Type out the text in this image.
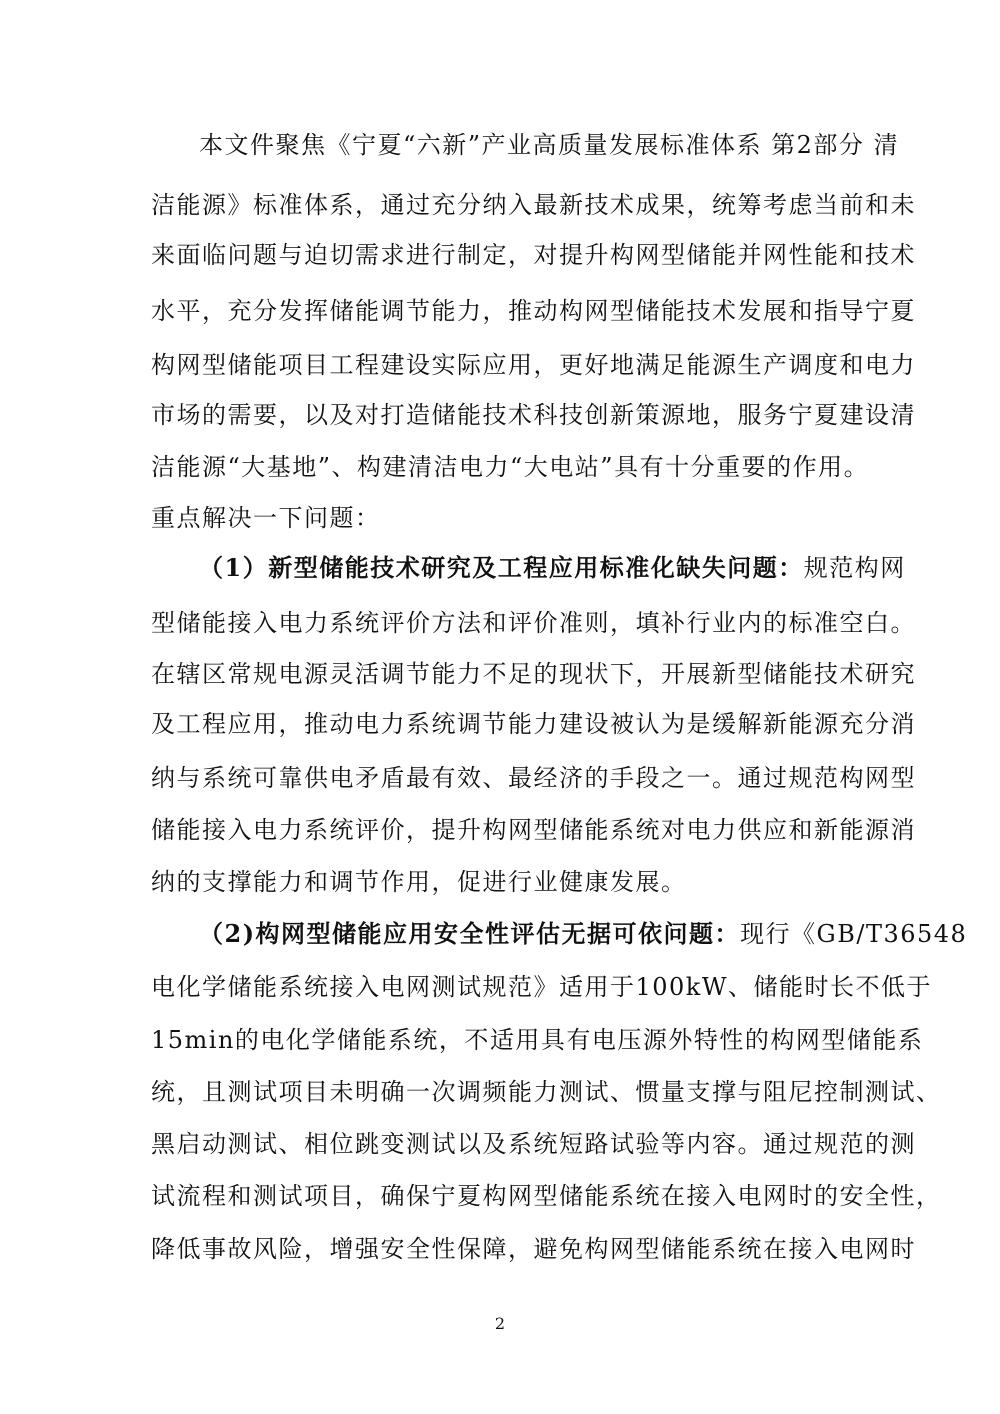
本文件聚焦《宁夏“六新”产业高质量发展标准体系 第2部分 清
洁能源》标准体系，通过充分纳入最新技术成果，统筹考虑当前和未
来面临问题与迫切需求进行制定，对提升构网型储能并网性能和技术
水平，充分发挥储能调节能力，推动构网型储能技术发展和指导宁夏
构网型储能项目工程建设实际应用，更好地满足能源生产调度和电力
市场的需要，以及对打造储能技术科技创新策源地，服务宁夏建设清
洁能源“大基地”、构建清洁电力“大电站”具有十分重要的作用。
重点解决一下问题：
（1）新型储能技术研究及工程应用标准化缺失问题：规范构网
型储能接入电力系统评价方法和评价准则，填补行业内的标准空白。
在辖区常规电源灵活调节能力不足的现状下，开展新型储能技术研究
及工程应用，推动电力系统调节能力建设被认为是缓解新能源充分消
纳与系统可靠供电矛盾最有效、最经济的手段之一。通过规范构网型
储能接入电力系统评价，提升构网型储能系统对电力供应和新能源消
纳的支撑能力和调节作用，促进行业健康发展。
（2)构网型储能应用安全性评估无据可依问题：现行《GB/T36548
电化学储能系统接入电网测试规范》适用于100kW、储能时长不低于
15min的电化学储能系统，不适用具有电压源外特性的构网型储能系
统，且测试项目未明确一次调频能力测试、惯量支撑与阻尼控制测试、
黑启动测试、相位跳变测试以及系统短路试验等内容。通过规范的测
试流程和测试项目，确保宁夏构网型储能系统在接入电网时的安全性，
降低事故风险，增强安全性保障，避免构网型储能系统在接入电网时
2
